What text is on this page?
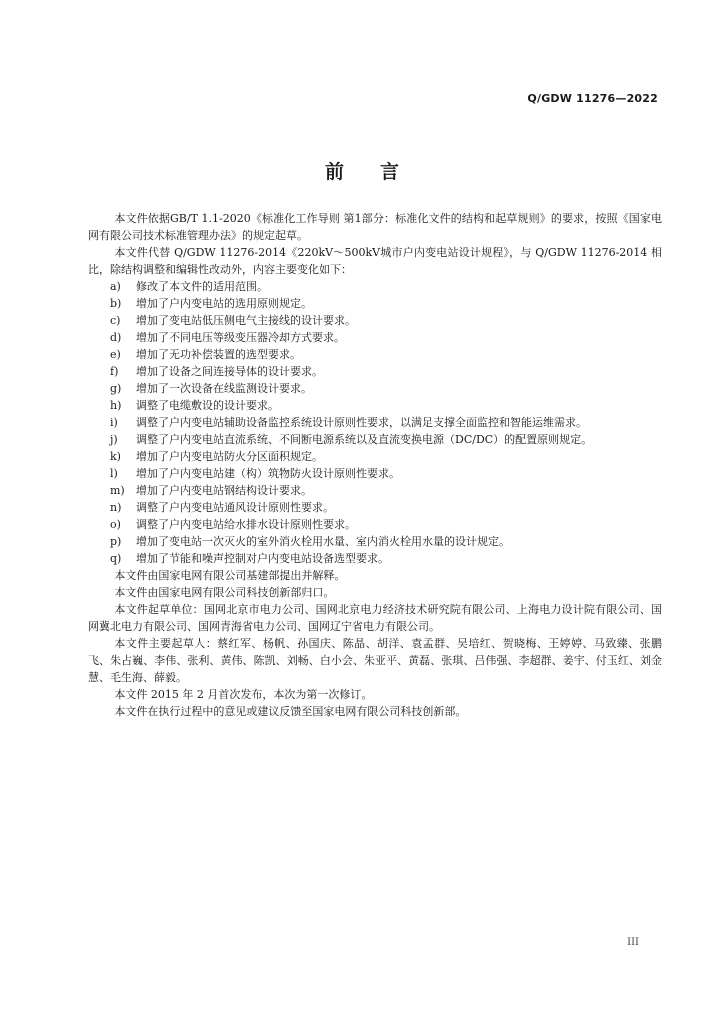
Q/GDW 11276—2022
前言

本文件依据GB/T 1.1-2020《标准化工作导则 第1部分：标准化文件的结构和起草规则》的要求，按照《国家电网有限公司技术标准管理办法》的规定起草。

本文件代替 Q/GDW 11276-2014《220kV～500kV城市户内变电站设计规程》，与 Q/GDW 11276-2014 相比，除结构调整和编辑性改动外，内容主要变化如下：

a)	修改了本文件的适用范围。
b)	增加了户内变电站的选用原则规定。
c)	增加了变电站低压侧电气主接线的设计要求。
d)	增加了不同电压等级变压器冷却方式要求。
e)	增加了无功补偿装置的选型要求。
f)	增加了设备之间连接导体的设计要求。
g)	增加了一次设备在线监测设计要求。
h)	调整了电缆敷设的设计要求。
i)	调整了户内变电站辅助设备监控系统设计原则性要求，以满足支撑全面监控和智能运维需求。
j)	调整了户内变电站直流系统、不间断电源系统以及直流变换电源（DC/DC）的配置原则规定。
k)	增加了户内变电站防火分区面积规定。
l)	增加了户内变电站建（构）筑物防火设计原则性要求。
m)	增加了户内变电站钢结构设计要求。
n)	调整了户内变电站通风设计原则性要求。
o)	调整了户内变电站给水排水设计原则性要求。
p)	增加了变电站一次灭火的室外消火栓用水量、室内消火栓用水量的设计规定。
q)	增加了节能和噪声控制对户内变电站设备选型要求。

本文件由国家电网有限公司基建部提出并解释。

本文件由国家电网有限公司科技创新部归口。

本文件起草单位：国网北京市电力公司、国网北京电力经济技术研究院有限公司、上海电力设计院有限公司、国网冀北电力有限公司、国网青海省电力公司、国网辽宁省电力有限公司。

本文件主要起草人：蔡红军、杨帆、孙国庆、陈晶、胡洋、袁孟群、吴培红、贺晓梅、王婷婷、马致臻、张鹏飞、朱占巍、李伟、张利、黄伟、陈凯、刘畅、白小会、朱亚平、黄磊、张琪、吕伟强、李超群、姜宇、付玉红、刘金慧、毛生海、薛毅。

本文件 2015 年 2 月首次发布，本次为第一次修订。

本文件在执行过程中的意见或建议反馈至国家电网有限公司科技创新部。

III
